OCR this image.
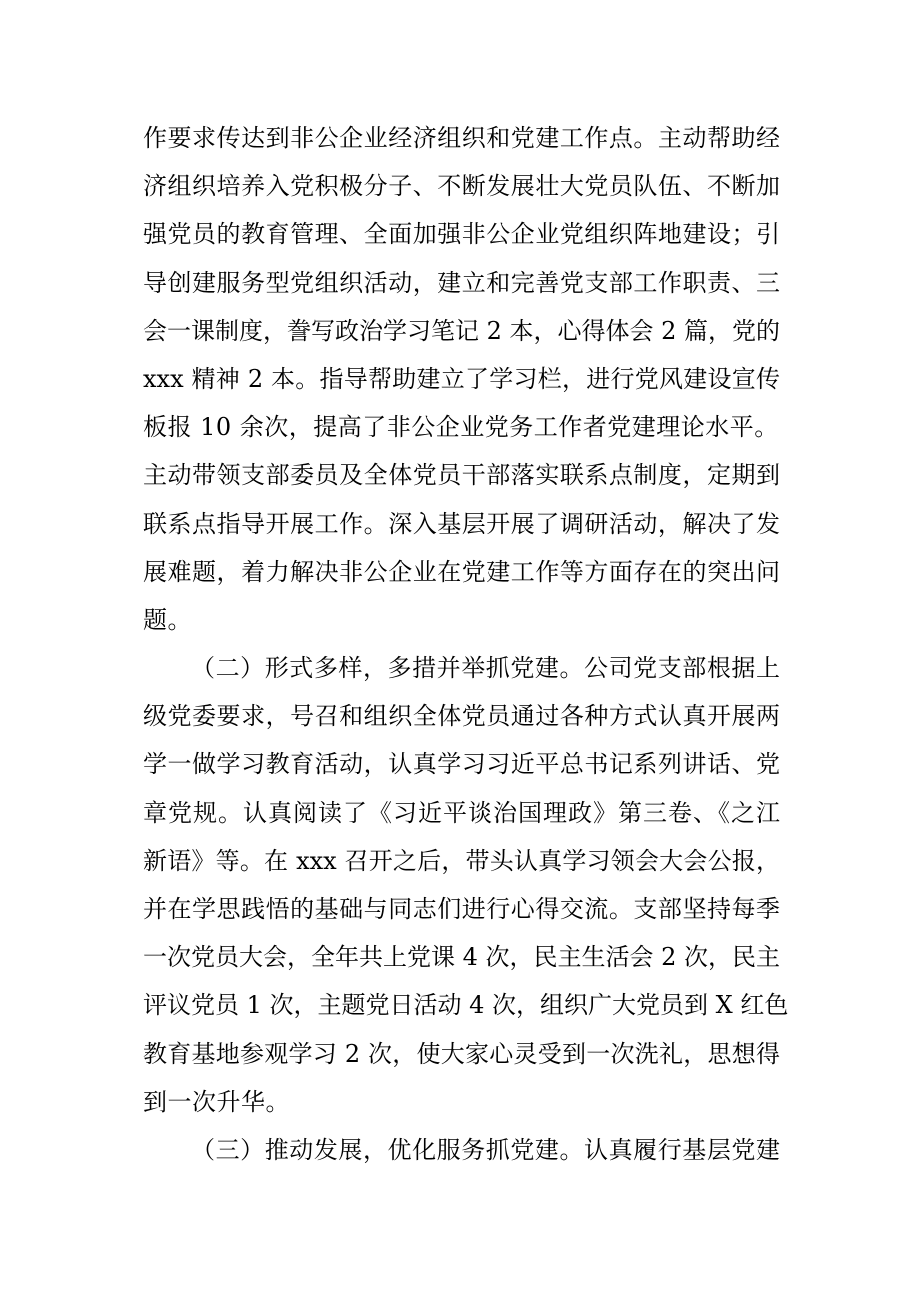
作要求传达到非公企业经济组织和党建工作点。主动帮助经
济组织培养入党积极分子、不断发展壮大党员队伍、不断加
强党员的教育管理、全面加强非公企业党组织阵地建设；引
导创建服务型党组织活动，建立和完善党支部工作职责、三
会一课制度，誊写政治学习笔记 2 本，心得体会 2 篇，党的
xxx 精神 2 本。指导帮助建立了学习栏，进行党风建设宣传
板报 10 余次，提高了非公企业党务工作者党建理论水平。
主动带领支部委员及全体党员干部落实联系点制度，定期到
联系点指导开展工作。深入基层开展了调研活动，解决了发
展难题，着力解决非公企业在党建工作等方面存在的突出问
题。
（二）形式多样，多措并举抓党建。公司党支部根据上
级党委要求，号召和组织全体党员通过各种方式认真开展两
学一做学习教育活动，认真学习习近平总书记系列讲话、党
章党规。认真阅读了《习近平谈治国理政》第三卷、《之江
新语》等。在 xxx 召开之后，带头认真学习领会大会公报，
并在学思践悟的基础与同志们进行心得交流。支部坚持每季
一次党员大会，全年共上党课 4 次，民主生活会 2 次，民主
评议党员 1 次，主题党日活动 4 次，组织广大党员到 X 红色
教育基地参观学习 2 次，使大家心灵受到一次洗礼，思想得
到一次升华。
（三）推动发展，优化服务抓党建。认真履行基层党建
